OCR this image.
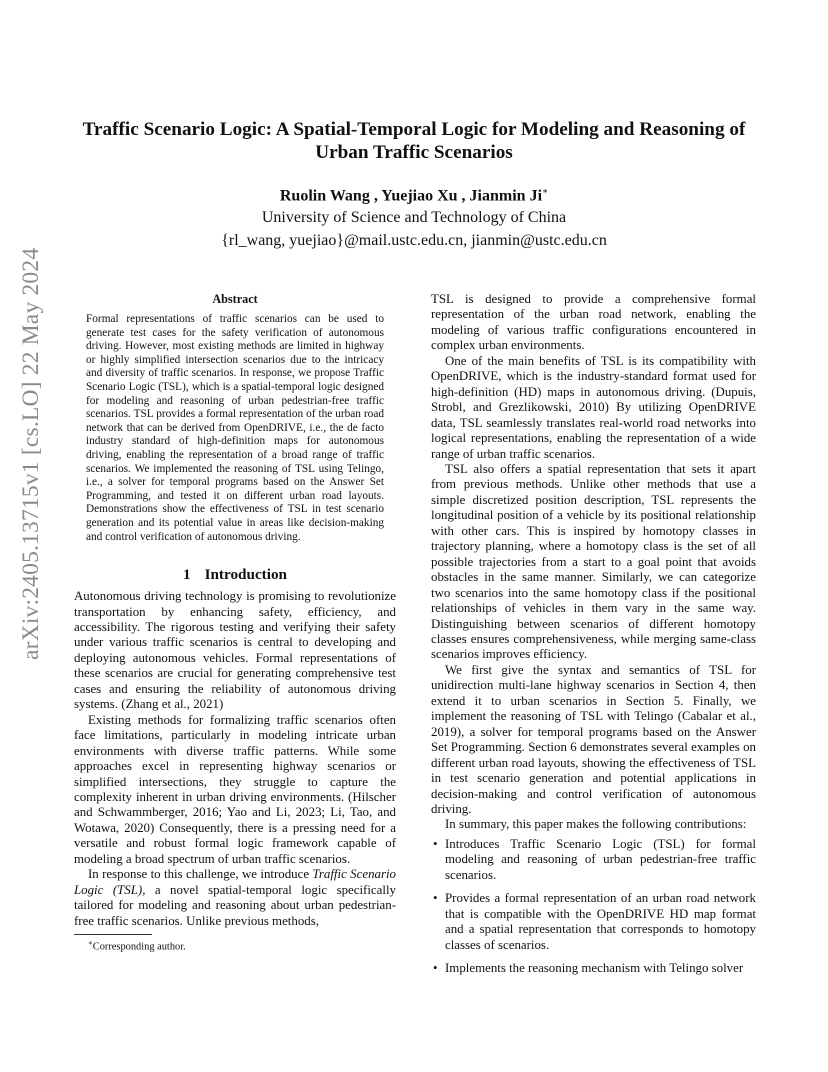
arXiv:2405.13715v1 [cs.LO] 22 May 2024
Traffic Scenario Logic: A Spatial-Temporal Logic for Modeling and Reasoning of Urban Traffic Scenarios
Ruolin Wang , Yuejiao Xu , Jianmin Ji∗
University of Science and Technology of China
{rl_wang, yuejiao}@mail.ustc.edu.cn, jianmin@ustc.edu.cn
Abstract

Formal representations of traffic scenarios can be used to generate test cases for the safety verification of autonomous driving. However, most existing methods are limited in highway or highly simplified intersection scenarios due to the intricacy and diversity of traffic scenarios. In response, we propose Traffic Scenario Logic (TSL), which is a spatial-temporal logic designed for modeling and reasoning of urban pedestrian-free traffic scenarios. TSL provides a formal representation of the urban road network that can be derived from OpenDRIVE, i.e., the de facto industry standard of high-definition maps for autonomous driving, enabling the representation of a broad range of traffic scenarios. We implemented the reasoning of TSL using Telingo, i.e., a solver for temporal programs based on the Answer Set Programming, and tested it on different urban road layouts. Demonstrations show the effectiveness of TSL in test scenario generation and its potential value in areas like decision-making and control verification of autonomous driving.

1 Introduction

Autonomous driving technology is promising to revolutionize transportation by enhancing safety, efficiency, and accessibility. The rigorous testing and verifying their safety under various traffic scenarios is central to developing and deploying autonomous vehicles. Formal representations of these scenarios are crucial for generating comprehensive test cases and ensuring the reliability of autonomous driving systems. (Zhang et al., 2021)

Existing methods for formalizing traffic scenarios often face limitations, particularly in modeling intricate urban environments with diverse traffic patterns. While some approaches excel in representing highway scenarios or simplified intersections, they struggle to capture the complexity inherent in urban driving environments. (Hilscher and Schwammberger, 2016; Yao and Li, 2023; Li, Tao, and Wotawa, 2020) Consequently, there is a pressing need for a versatile and robust formal logic framework capable of modeling a broad spectrum of urban traffic scenarios.

In response to this challenge, we introduce Traffic Scenario Logic (TSL), a novel spatial-temporal logic specifically tailored for modeling and reasoning about urban pedestrian-free traffic scenarios. Unlike previous methods,

TSL is designed to provide a comprehensive formal representation of the urban road network, enabling the modeling of various traffic configurations encountered in complex urban environments.

One of the main benefits of TSL is its compatibility with OpenDRIVE, which is the industry-standard format used for high-definition (HD) maps in autonomous driving. (Dupuis, Strobl, and Grezlikowski, 2010) By utilizing OpenDRIVE data, TSL seamlessly translates real-world road networks into logical representations, enabling the representation of a wide range of urban traffic scenarios.

TSL also offers a spatial representation that sets it apart from previous methods. Unlike other methods that use a simple discretized position description, TSL represents the longitudinal position of a vehicle by its positional relationship with other cars. This is inspired by homotopy classes in trajectory planning, where a homotopy class is the set of all possible trajectories from a start to a goal point that avoids obstacles in the same manner. Similarly, we can categorize two scenarios into the same homotopy class if the positional relationships of vehicles in them vary in the same way. Distinguishing between scenarios of different homotopy classes ensures comprehensiveness, while merging same-class scenarios improves efficiency.

We first give the syntax and semantics of TSL for unidirection multi-lane highway scenarios in Section 4, then extend it to urban scenarios in Section 5. Finally, we implement the reasoning of TSL with Telingo (Cabalar et al., 2019), a solver for temporal programs based on the Answer Set Programming. Section 6 demonstrates several examples on different urban road layouts, showing the effectiveness of TSL in test scenario generation and potential applications in decision-making and control verification of autonomous driving.

In summary, this paper makes the following contributions:

• Introduces Traffic Scenario Logic (TSL) for formal modeling and reasoning of urban pedestrian-free traffic scenarios.
• Provides a formal representation of an urban road network that is compatible with the OpenDRIVE HD map format and a spatial representation that corresponds to homotopy classes of scenarios.
• Implements the reasoning mechanism with Telingo solver
∗Corresponding author.
